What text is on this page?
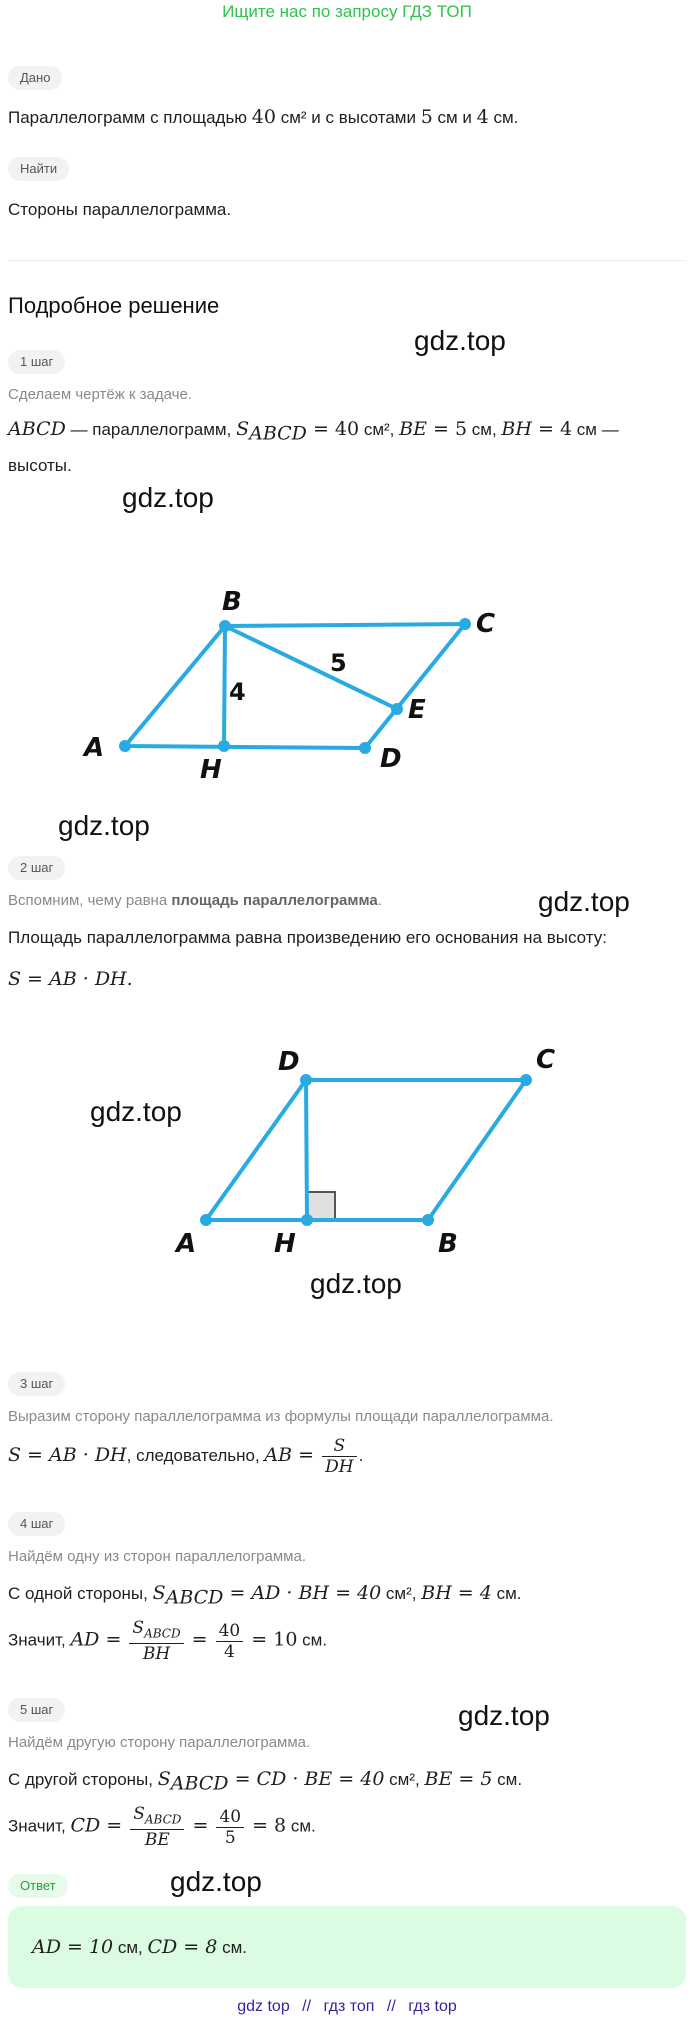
Ищите нас по запросу ГДЗ ТОП
Дано
Параллелограмм с площадью 40 см² и с высотами 5 см и 4 см.
Найти
Стороны параллелограмма.
Подробное решение
gdz.top
gdz.top
gdz.top
gdz.top
gdz.top
gdz.top
gdz.top
gdz.top
1 шаг
Сделаем чертёж к задаче.
ABCD — параллелограмм, $S_{ABCD} = 40$ см², BE = 5 см, BH = 4 см —
высоты.
A
B
C
D
E
H
5
4
2 шаг
Вспомним, чему равна площадь параллелограмма.
Площадь параллелограмма равна произведению его основания на высоту:
S = AB · DH.
A	B
C
D
H
3 шаг
Выразим сторону параллелограмма из формулы площади параллелограмма.
S = AB · DH, следовательно, AB = $\frac{S}{DH}$ .
4 шаг
Найдём одну из сторон параллелограмма.
С одной стороны, $S_{ABCD}$ = AD · BH = 40 см², BH = 4 см.
Значит, AD = $\frac{S_{ABCD}}{BH} = \frac{40}{4} = 10$ см.
5 шаг
Найдём другую сторону параллелограмма.
С другой стороны, $S_{ABCD}$ = CD · BE = 40 см², BE = 5 см.
Значит, CD = $\frac{S_{ABCD}}{BE} = \frac{40}{5} = 8$ см.
Ответ
AD = 10 см, CD = 8 см.
gdz top // гдз топ // гдз top
